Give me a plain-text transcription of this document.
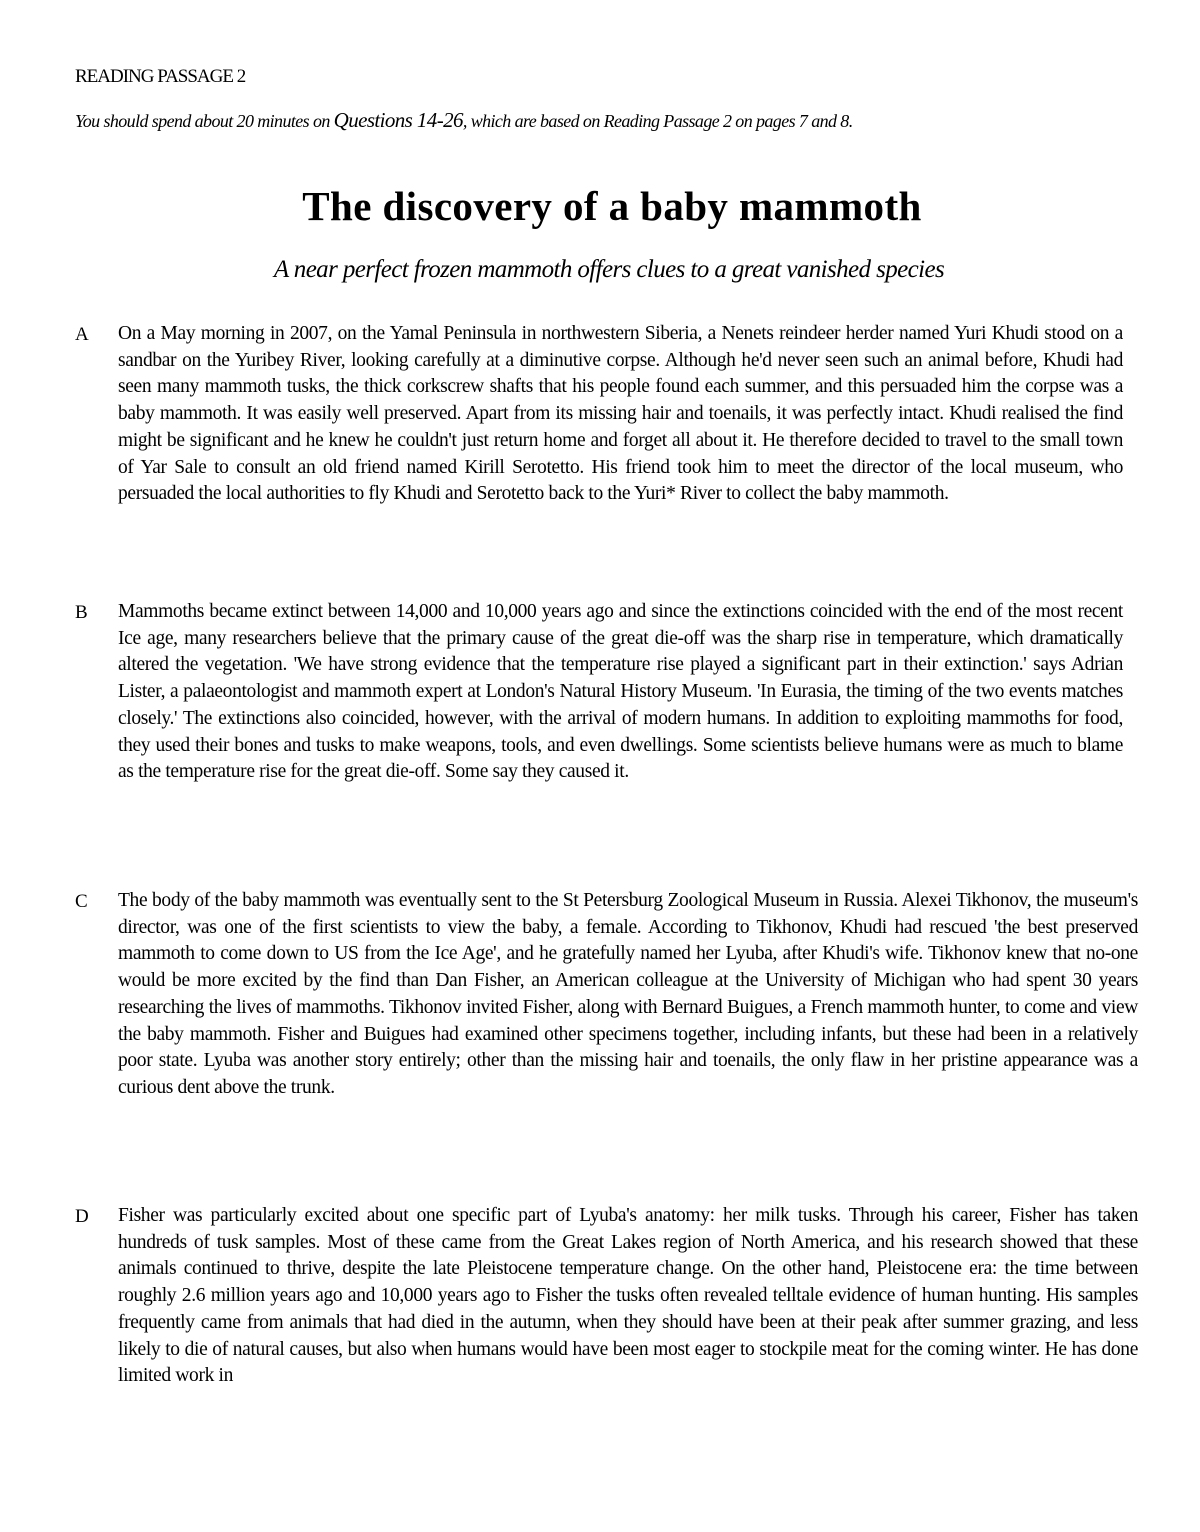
READING PASSAGE 2
You should spend about 20 minutes on Questions 14-26, which are based on Reading Passage 2 on pages 7 and 8.
The discovery of a baby mammoth
A near perfect frozen mammoth offers clues to a great vanished species
A On a May morning in 2007, on the Yamal Peninsula in northwestern Siberia, a Nenets reindeer herder named Yuri Khudi stood on a sandbar on the Yuribey River, looking carefully at a diminutive corpse. Although he'd never seen such an animal before, Khudi had seen many mammoth tusks, the thick corkscrew shafts that his people found each summer, and this persuaded him the corpse was a baby mammoth. It was easily well preserved. Apart from its missing hair and toenails, it was perfectly intact. Khudi realised the find might be significant and he knew he couldn't just return home and forget all about it. He therefore decided to travel to the small town of Yar Sale to consult an old friend named Kirill Serotetto. His friend took him to meet the director of the local museum, who persuaded the local authorities to fly Khudi and Serotetto back to the Yuri* River to collect the baby mammoth.
B Mammoths became extinct between 14,000 and 10,000 years ago and since the extinctions coincided with the end of the most recent Ice age, many researchers believe that the primary cause of the great die-off was the sharp rise in temperature, which dramatically altered the vegetation. 'We have strong evidence that the temperature rise played a significant part in their extinction.' says Adrian Lister, a palaeontologist and mammoth expert at London's Natural History Museum. 'In Eurasia, the timing of the two events matches closely.' The extinctions also coincided, however, with the arrival of modern humans. In addition to exploiting mammoths for food, they used their bones and tusks to make weapons, tools, and even dwellings. Some scientists believe humans were as much to blame as the temperature rise for the great die-off. Some say they caused it.
C The body of the baby mammoth was eventually sent to the St Petersburg Zoological Museum in Russia. Alexei Tikhonov, the museum's director, was one of the first scientists to view the baby, a female. According to Tikhonov, Khudi had rescued 'the best preserved mammoth to come down to US from the Ice Age', and he gratefully named her Lyuba, after Khudi's wife. Tikhonov knew that no-one would be more excited by the find than Dan Fisher, an American colleague at the University of Michigan who had spent 30 years researching the lives of mammoths. Tikhonov invited Fisher, along with Bernard Buigues, a French mammoth hunter, to come and view the baby mammoth. Fisher and Buigues had examined other specimens together, including infants, but these had been in a relatively poor state. Lyuba was another story entirely; other than the missing hair and toenails, the only flaw in her pristine appearance was a curious dent above the trunk.
D Fisher was particularly excited about one specific part of Lyuba's anatomy: her milk tusks. Through his career, Fisher has taken hundreds of tusk samples. Most of these came from the Great Lakes region of North America, and his research showed that these animals continued to thrive, despite the late Pleistocene temperature change. On the other hand, Pleistocene era: the time between roughly 2.6 million years ago and 10,000 years ago to Fisher the tusks often revealed telltale evidence of human hunting. His samples frequently came from animals that had died in the autumn, when they should have been at their peak after summer grazing, and less likely to die of natural causes, but also when humans would have been most eager to stockpile meat for the coming winter. He has done limited work in
